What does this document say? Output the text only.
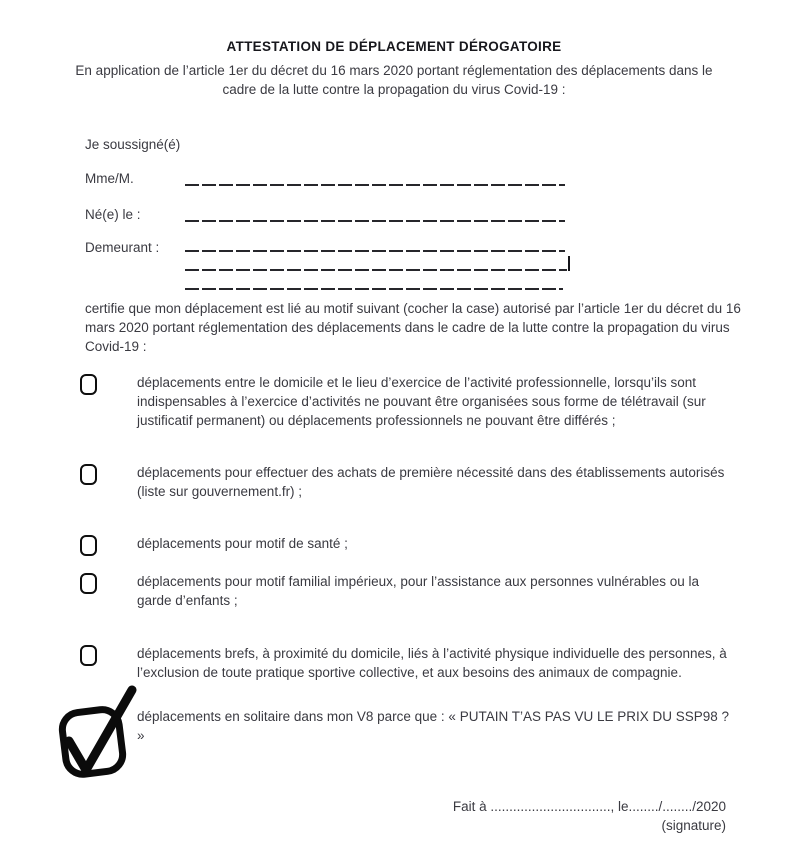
ATTESTATION DE DÉPLACEMENT DÉROGATOIRE
En application de l’article 1er du décret du 16 mars 2020 portant réglementation des déplacements dans le cadre de la lutte contre la propagation du virus Covid-19 :
Je soussigné(é)
Mme/M.
Né(e) le :
Demeurant :
certifie que mon déplacement est lié au motif suivant (cocher la case) autorisé par l’article 1er du décret du 16 mars 2020 portant réglementation des déplacements dans le cadre de la lutte contre la propagation du virus Covid-19 :
déplacements entre le domicile et le lieu d’exercice de l’activité professionnelle, lorsqu’ils sont indispensables à l’exercice d’activités ne pouvant être organisées sous forme de télétravail (sur justificatif permanent) ou déplacements professionnels ne pouvant être différés ;
déplacements pour effectuer des achats de première nécessité dans des établissements autorisés (liste sur gouvernement.fr) ;
déplacements pour motif de santé ;
déplacements pour motif familial impérieux, pour l’assistance aux personnes vulnérables ou la garde d’enfants ;
déplacements brefs, à proximité du domicile, liés à l’activité physique individuelle des personnes, à l’exclusion de toute pratique sportive collective, et aux besoins des animaux de compagnie.
déplacements en solitaire dans mon V8 parce que : « PUTAIN T’AS PAS VU LE PRIX DU SSP98 ? »
Fait à ................................, le......../......../2020
(signature)
